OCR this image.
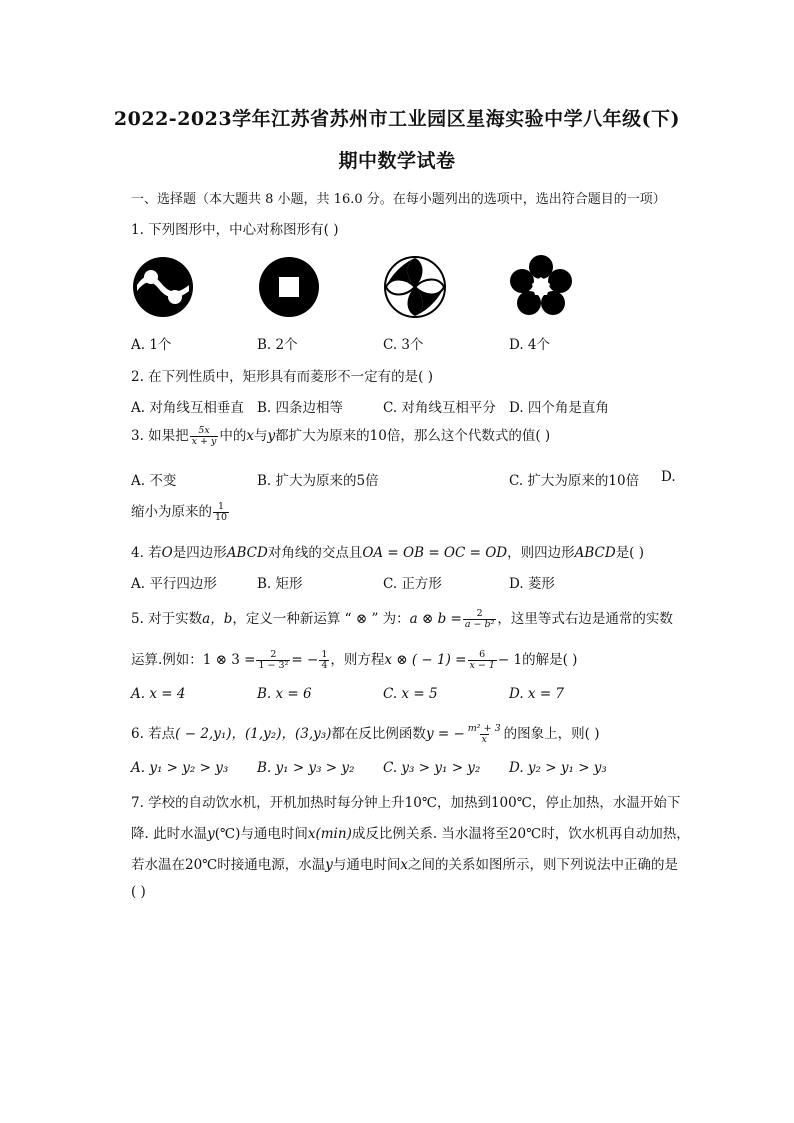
2022-2023学年江苏省苏州市工业园区星海实验中学八年级(下)
期中数学试卷
一、选择题（本大题共 8 小题，共 16.0 分。在每小题列出的选项中，选出符合题目的一项）
1. 下列图形中，中心对称图形有( )
A. 1个	B. 2个	C. 3个	D. 4个
2. 在下列性质中，矩形具有而菱形不一定有的是( )
A. 对角线互相垂直 B. 四条边相等	C. 对角线互相平分 D. 四个角是直角
3. 如果把 $\frac{5x}{x + y}$ 中的x与y都扩大为原来的10倍，那么这个代数式的值( )
A. 不变	B. 扩大为原来的5倍	C. 扩大为原来的10倍 D.
缩小为原来的 $\frac{1}{10}$
4. 若O是四边形ABCD对角线的交点且OA = OB = OC = OD，则四边形ABCD是( )
A. 平行四边形	B. 矩形	C. 正方形	D. 菱形
5. 对于实数a，b，定义一种新运算 “ ⊗ ” 为：a ⊗ $b = \frac{2}{\text{a − b²}}$ ，这里等式右边是通常的实数
运算.例如：1 ⊗ $3 = \frac{2}{\text{1 − 3²}}$ = − $\frac{1}{4}$ ，则方程x ⊗ ( − $1) = \frac{6}{x - 1} - 1$的解是( )
A. x = 4	B. x = 6	C. x = 5	D. x = 7
6. 若点( − 2,y₁)，(1,y₂)，(3,y₃)都在反比例函数y = − $\frac{\text{m² + 3}}{x}$ 的图象上，则( )
A. y₁ > y₂ > y₃ B. y₁ > y₃ > y₂ C. y₃ > y₁ > y₂ D. y₂ > y₁ > y₃
7. 学校的自动饮水机，开机加热时每分钟上升10℃，加热到100℃，停止加热，水温开始下
降. 此时水温y(℃)与通电时间x(min)成反比例关系. 当水温将至20℃时，饮水机再自动加热，
若水温在20℃时接通电源，水温y与通电时间x之间的关系如图所示，则下列说法中正确的是
( )
